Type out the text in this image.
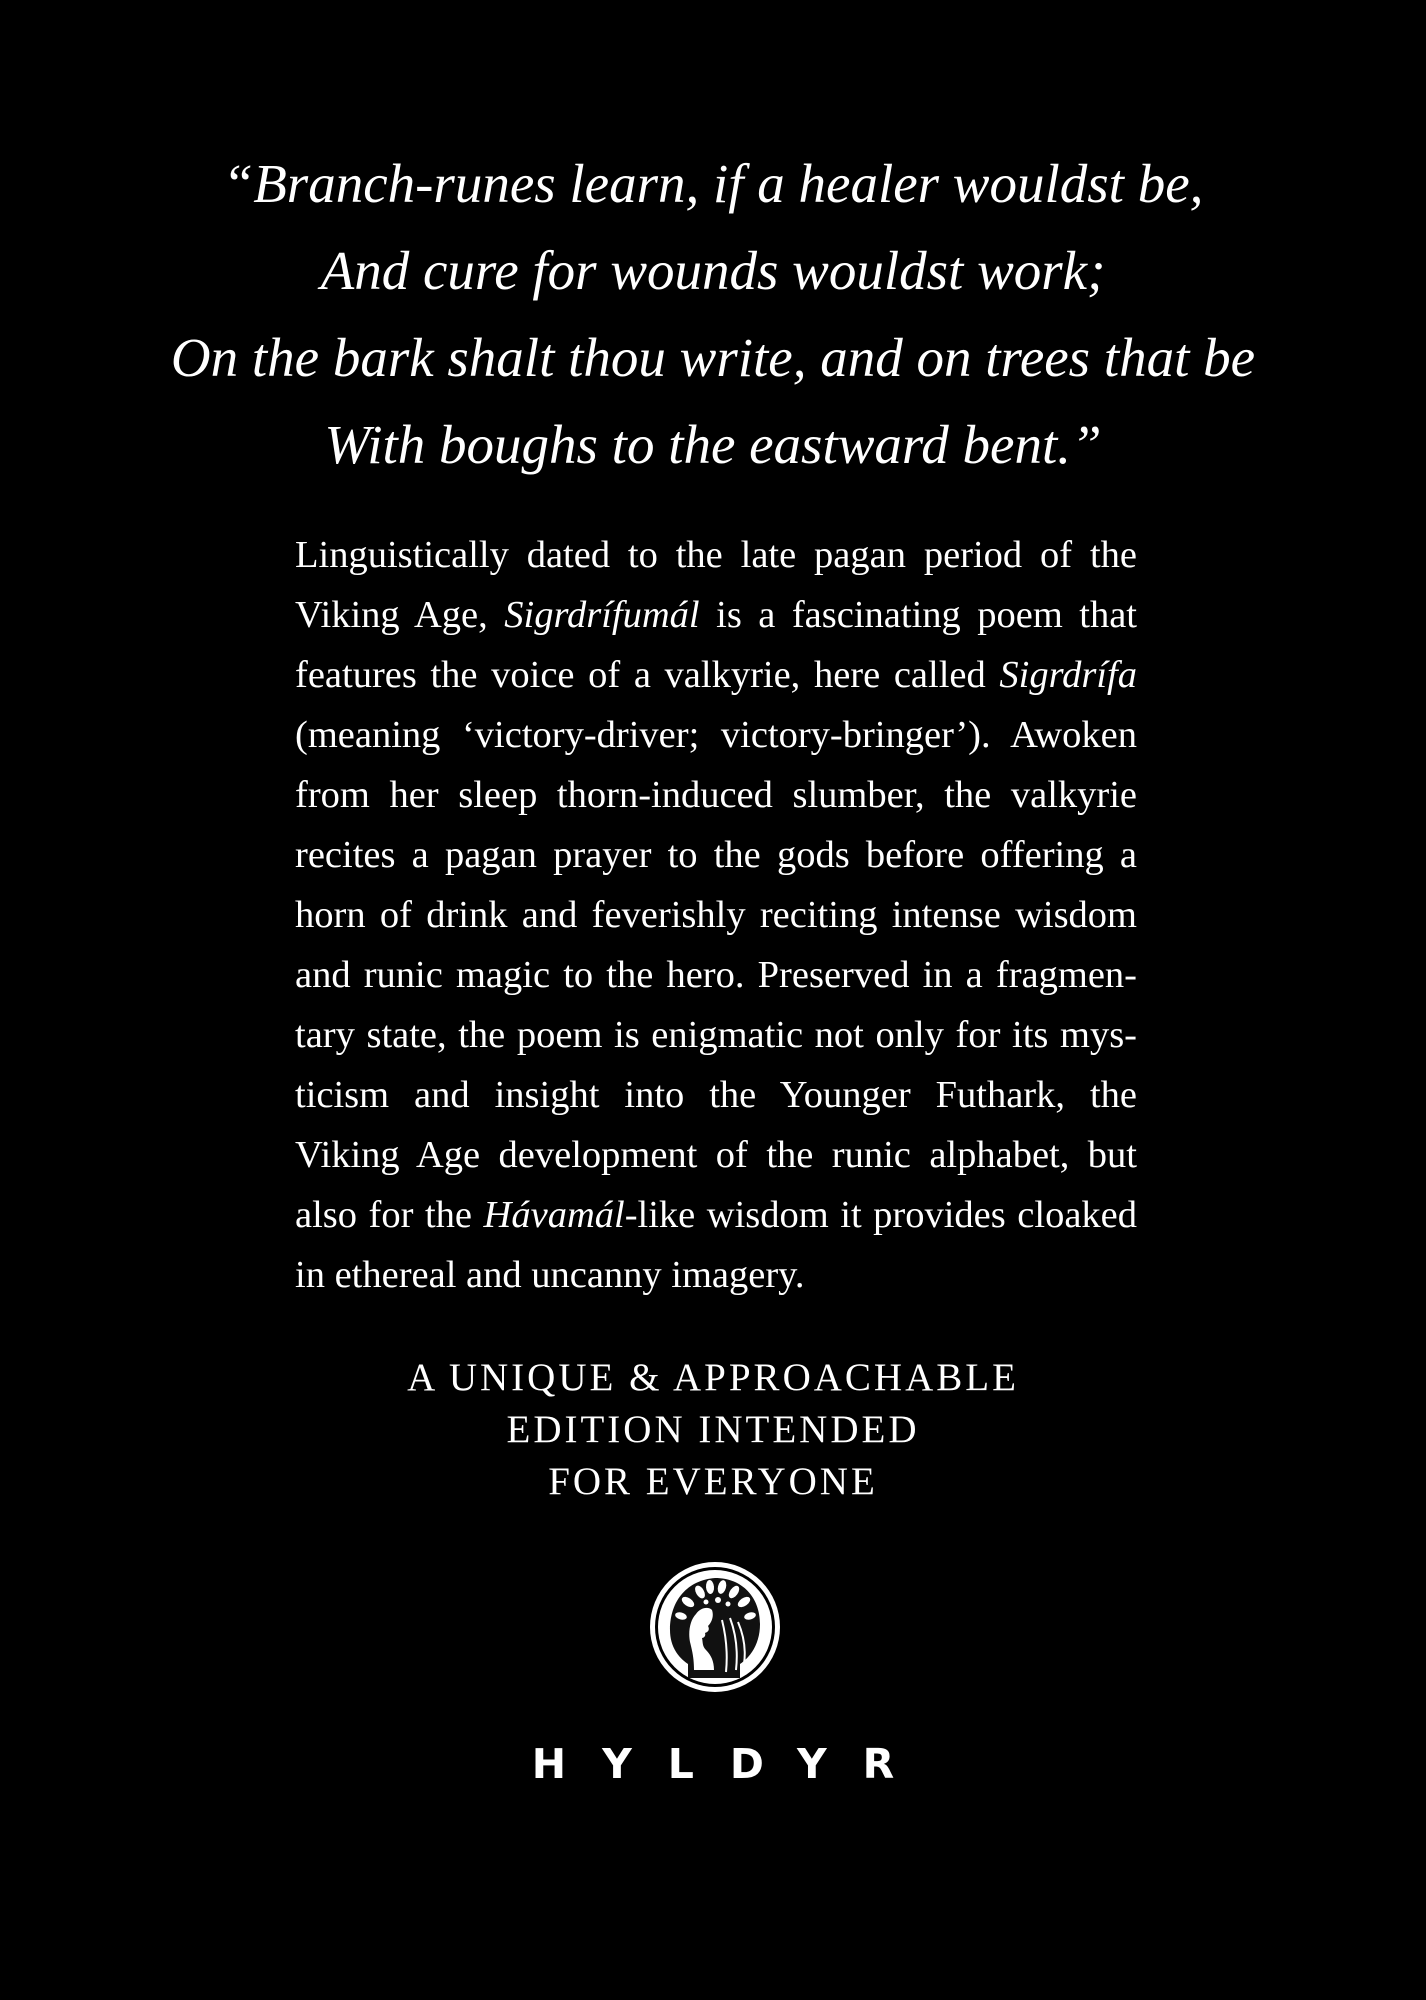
“Branch-runes learn, if a healer wouldst be,
And cure for wounds wouldst work;
On the bark shalt thou write, and on trees that be
With boughs to the eastward bent.”
Linguistically dated to the late pagan period of the
Viking Age, Sigrdrífumál is a fascinating poem that
features the voice of a valkyrie, here called Sigrdrífa
(meaning ‘victory-driver; victory-bringer’). Awoken
from her sleep thorn-induced slumber, the valkyrie
recites a pagan prayer to the gods before offering a
horn of drink and feverishly reciting intense wisdom
and runic magic to the hero. Preserved in a fragmen-
tary state, the poem is enigmatic not only for its mys-
ticism and insight into the Younger Futhark, the
Viking Age development of the runic alphabet, but
also for the Hávamál-like wisdom it provides cloaked
in ethereal and uncanny imagery.
A UNIQUE & APPROACHABLE
EDITION INTENDED
FOR EVERYONE
HYLDYR
